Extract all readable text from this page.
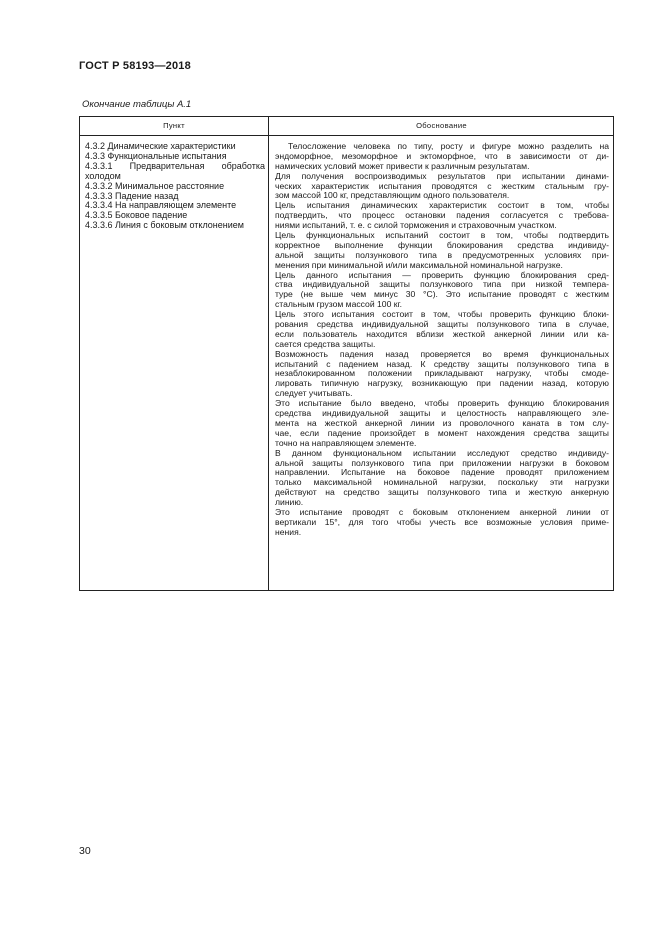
ГОСТ Р 58193—2018
Окончание таблицы А.1
Пункт	Обоснование
4.3.2 Динамические характеристики
4.3.3 Функциональные испытания
4.3.3.1 Предварительная обработка
холодом
4.3.3.2 Минимальное расстояние
4.3.3.3 Падение назад
4.3.3.4 На направляющем элементе
4.3.3.5 Боковое падение
4.3.3.6 Линия с боковым отклонением
Телосложение человека по типу, росту и фигуре можно разделить на
эндоморфное, мезоморфное и эктоморфное, что в зависимости от ди-
намических условий может привести к различным результатам.
Для получения воспроизводимых результатов при испытании динами-
ческих характеристик испытания проводятся с жестким стальным гру-
зом массой 100 кг, представляющим одного пользователя.
Цель испытания динамических характеристик состоит в том, чтобы
подтвердить, что процесс остановки падения согласуется с требова-
ниями испытаний, т. е. с силой торможения и страховочным участком.
Цель функциональных испытаний состоит в том, чтобы подтвердить
корректное выполнение функции блокирования средства индивиду-
альной защиты ползункового типа в предусмотренных условиях при-
менения при минимальной и/или максимальной номинальной нагрузке.
Цель данного испытания — проверить функцию блокирования сред-
ства индивидуальной защиты ползункового типа при низкой темпера-
туре (не выше чем минус 30 °С). Это испытание проводят с жестким
стальным грузом массой 100 кг.
Цель этого испытания состоит в том, чтобы проверить функцию блоки-
рования средства индивидуальной защиты ползункового типа в случае,
если пользователь находится вблизи жесткой анкерной линии или ка-
сается средства защиты.
Возможность падения назад проверяется во время функциональных
испытаний с падением назад. К средству защиты ползункового типа в
незаблокированном положении прикладывают нагрузку, чтобы смоде-
лировать типичную нагрузку, возникающую при падении назад, которую
следует учитывать.
Это испытание было введено, чтобы проверить функцию блокирования
средства индивидуальной защиты и целостность направляющего эле-
мента на жесткой анкерной линии из проволочного каната в том слу-
чае, если падение произойдет в момент нахождения средства защиты
точно на направляющем элементе.
В данном функциональном испытании исследуют средство индивиду-
альной защиты ползункового типа при приложении нагрузки в боковом
направлении. Испытание на боковое падение проводят приложением
только максимальной номинальной нагрузки, поскольку эти нагрузки
действуют на средство защиты ползункового типа и жесткую анкерную
линию.
Это испытание проводят с боковым отклонением анкерной линии от
вертикали 15°, для того чтобы учесть все возможные условия приме-
нения.
30
